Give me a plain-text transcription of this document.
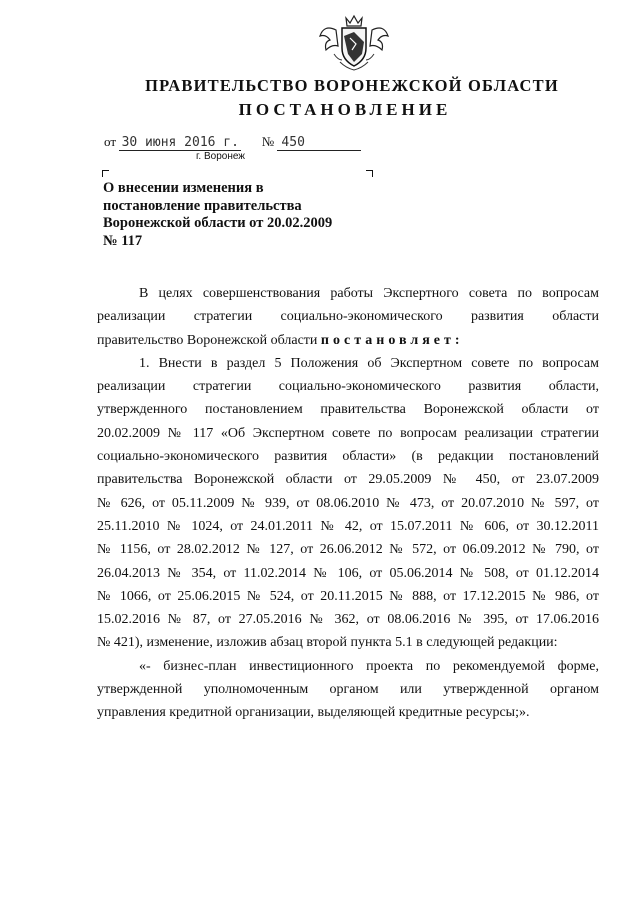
ПРАВИТЕЛЬСТВО ВОРОНЕЖСКОЙ ОБЛАСТИ
ПОСТАНОВЛЕНИЕ
от 30 июня 2016 г. № 450
г. Воронеж
О внесении изменения в
постановление правительства
Воронежской области от 20.02.2009
№ 117

В целях совершенствования работы Экспертного совета по вопросам

реализации стратегии социально-экономического развития области

правительство Воронежской области постановляет:

1. Внести в раздел 5 Положения об Экспертном совете по вопросам

реализации стратегии социально-экономического развития области,

утвержденного постановлением правительства Воронежской области от

20.02.2009 № 117 «Об Экспертном совете по вопросам реализации стратегии

социально-экономического развития области» (в редакции постановлений

правительства Воронежской области от 29.05.2009 № 450, от 23.07.2009

№ 626, от 05.11.2009 № 939, от 08.06.2010 № 473, от 20.07.2010 № 597, от

25.11.2010 № 1024, от 24.01.2011 № 42, от 15.07.2011 № 606, от 30.12.2011

№ 1156, от 28.02.2012 № 127, от 26.06.2012 № 572, от 06.09.2012 № 790, от

26.04.2013 № 354, от 11.02.2014 № 106, от 05.06.2014 № 508, от 01.12.2014

№ 1066, от 25.06.2015 № 524, от 20.11.2015 № 888, от 17.12.2015 № 986, от

15.02.2016 № 87, от 27.05.2016 № 362, от 08.06.2016 № 395, от 17.06.2016

№ 421), изменение, изложив абзац второй пункта 5.1 в следующей редакции:

«- бизнес-план инвестиционного проекта по рекомендуемой форме,

утвержденной уполномоченным органом или утвержденной органом

управления кредитной организации, выделяющей кредитные ресурсы;».
